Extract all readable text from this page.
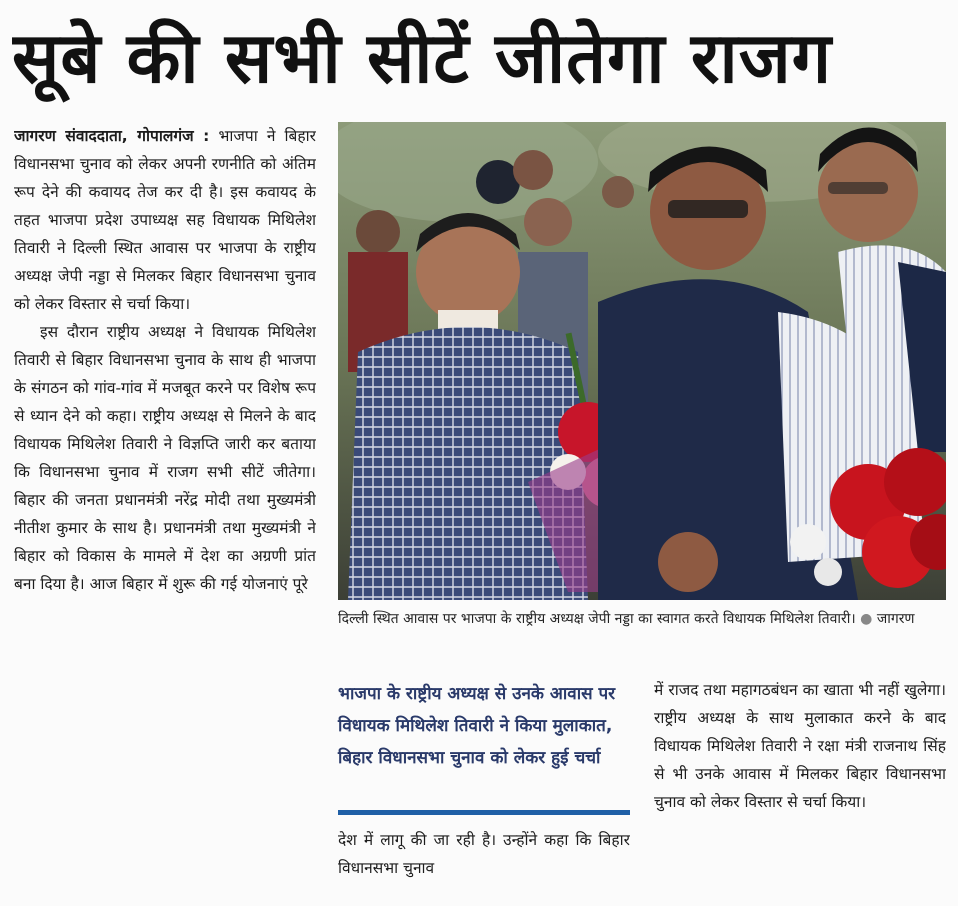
सूबे की सभी सीटें जीतेगा राजग

जागरण संवाददाता, गोपालगंज : भाजपा ने बिहार विधानसभा चुनाव को लेकर अपनी रणनीति को अंतिम रूप देने की कवायद तेज कर दी है। इस कवायद के तहत भाजपा प्रदेश उपाध्यक्ष सह विधायक मिथिलेश तिवारी ने दिल्ली स्थित आवास पर भाजपा के राष्ट्रीय अध्यक्ष जेपी नड्डा से मिलकर बिहार विधानसभा चुनाव को लेकर विस्तार से चर्चा किया।

इस दौरान राष्ट्रीय अध्यक्ष ने विधायक मिथिलेश तिवारी से बिहार विधानसभा चुनाव के साथ ही भाजपा के संगठन को गांव-गांव में मजबूत करने पर विशेष रूप से ध्यान देने को कहा। राष्ट्रीय अध्यक्ष से मिलने के बाद विधायक मिथिलेश तिवारी ने विज्ञप्ति जारी कर बताया कि विधानसभा चुनाव में राजग सभी सीटें जीतेगा। बिहार की जनता प्रधानमंत्री नरेंद्र मोदी तथा मुख्यमंत्री नीतीश कुमार के साथ है। प्रधानमंत्री तथा मुख्यमंत्री ने बिहार को विकास के मामले में देश का अग्रणी प्रांत बना दिया है। आज बिहार में शुरू की गई योजनाएं पूरे

दिल्ली स्थित आवास पर भाजपा के राष्ट्रीय अध्यक्ष जेपी नड्डा का स्वागत करते विधायक मिथिलेश तिवारी। ● जागरण
भाजपा के राष्ट्रीय अध्यक्ष से उनके आवास पर विधायक मिथिलेश तिवारी ने किया मुलाकात, बिहार विधानसभा चुनाव को लेकर हुई चर्चा

देश में लागू की जा रही है। उन्होंने कहा कि बिहार विधानसभा चुनाव

में राजद तथा महागठबंधन का खाता भी नहीं खुलेगा। राष्ट्रीय अध्यक्ष के साथ मुलाकात करने के बाद विधायक मिथिलेश तिवारी ने रक्षा मंत्री राजनाथ सिंह से भी उनके आवास में मिलकर बिहार विधानसभा चुनाव को लेकर विस्तार से चर्चा किया।
